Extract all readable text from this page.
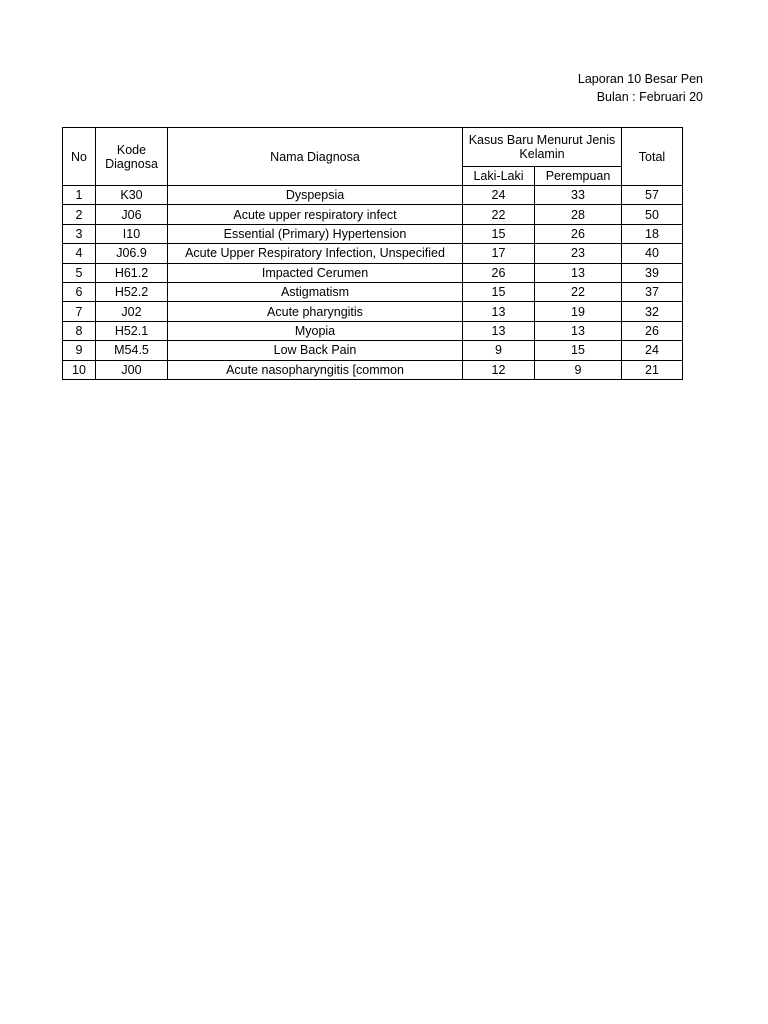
Laporan 10 Besar Pen
Bulan : Februari 20
No	Kode Diagnosa	Nama Diagnosa	Kasus Baru Menurut Jenis Kelamin		Total
			Laki-Laki	Perempuan	
1	K30	Dyspepsia	24	33	57
2	J06	Acute upper respiratory infect	22	28	50
3	I10	Essential (Primary) Hypertension	15	26	18
4	J06.9	Acute Upper Respiratory Infection, Unspecified	17	23	40
5	H61.2	Impacted Cerumen	26	13	39
6	H52.2	Astigmatism	15	22	37
7	J02	Acute pharyngitis	13	19	32
8	H52.1	Myopia	13	13	26
9	M54.5	Low Back Pain	9	15	24
10	J00	Acute nasopharyngitis [common	12	9	21
